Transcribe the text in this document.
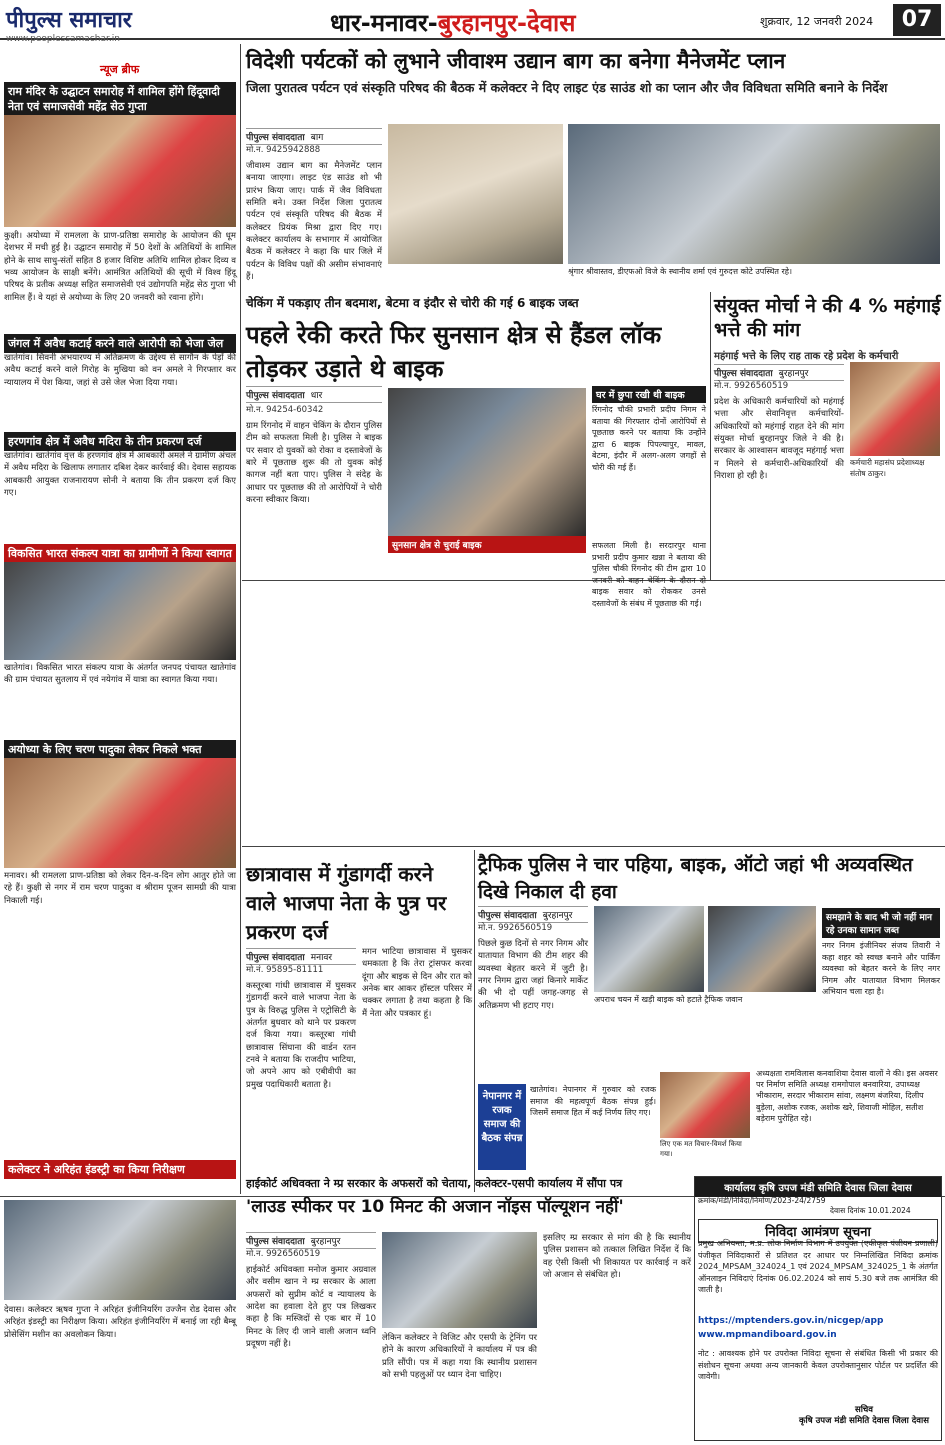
पीपुल्स समाचार
www.peoplessamachar.in
धार-मनावर-बुरहानपुर-देवास	शुक्रवार, 12 जनवरी 2024	07
न्यूज ब्रीफ
राम मंदिर के उद्घाटन समारोह में शामिल होंगे हिंदूवादी नेता एवं समाजसेवी महेंद्र सेठ गुप्ता
कुक्षी। अयोध्या में रामलला के प्राण-प्रतिष्ठा समारोह के आयोजन की धूम देशभर में मची हुई है। उद्घाटन समारोह में 50 देशों के अतिथियों के शामिल होने के साथ साधु-संतों सहित 8 हजार विशिष्ट अतिथि शामिल होकर दिव्य व भव्य आयोजन के साक्षी बनेंगे। आमंत्रित अतिथियों की सूची में विश्व हिंदू परिषद के प्रतीक अध्यक्ष सहित समाजसेवी एवं उद्योगपति महेंद्र सेठ गुप्ता भी शामिल हैं। वे यहां से अयोध्या के लिए 20 जनवरी को रवाना होंगे।
जंगल में अवैध कटाई करने वाले आरोपी को भेजा जेल
खातेगांव। सिवनी अभयारण्य में अतिक्रमण के उद्देश्य से सागौन के पेड़ों की अवैध कटाई करने वाले गिरोह के मुखिया को वन अमले ने गिरफ्तार कर न्यायालय में पेश किया, जहां से उसे जेल भेजा दिया गया।
हरणगांव क्षेत्र में अवैध मदिरा के तीन प्रकरण दर्ज
खातेगांव। खातेगांव वृत्त के हरणगांव क्षेत्र में आबकारी अमले ने ग्रामीण अंचल में अवैध मदिरा के खिलाफ लगातार दबिश देकर कार्रवाई की। देवास सहायक आबकारी आयुक्त राजनारायण सोनी ने बताया कि तीन प्रकरण दर्ज किए गए।
विकसित भारत संकल्प यात्रा का ग्रामीणों ने किया स्वागत
खातेगांव। विकसित भारत संकल्प यात्रा के अंतर्गत जनपद पंचायत खातेगांव की ग्राम पंचायत सुतलाय में एवं नयेगांव में यात्रा का स्वागत किया गया।
अयोध्या के लिए चरण पादुका लेकर निकले भक्त
मनावर। श्री रामलला प्राण-प्रतिष्ठा को लेकर दिन-व-दिन लोग आतुर होते जा रहे हैं। कुक्षी से नगर में राम चरण पादुका व श्रीराम पूजन सामग्री की यात्रा निकाली गई।
कलेक्टर ने अरिहंत इंडस्ट्री का किया निरीक्षण
देवास। कलेक्टर ऋषव गुप्ता ने अरिहंत इंजीनियरिंग उज्जैन रोड देवास और अरिहंत इंडस्ट्री का निरीक्षण किया। अरिहंत इंजीनियरिंग में बनाई जा रही बैम्बू प्रोसेसिंग मशीन का अवलोकन किया।
विदेशी पर्यटकों को लुभाने जीवाश्म उद्यान बाग का बनेगा मैनेजमेंट प्लान
जिला पुरातत्व पर्यटन एवं संस्कृति परिषद की बैठक में कलेक्टर ने दिए लाइट एंड साउंड शो का प्लान और जैव विविधता समिति बनाने के निर्देश
पीपुल्स संवाददाता बाग
मो.न. 9425942888
जीवाश्म उद्यान बाग का मैनेजमेंट प्लान बनाया जाएगा। लाइट एंड साउंड शो भी प्रारंभ किया जाए। पार्क में जैव विविधता समिति बने। उक्त निर्देश जिला पुरातत्व पर्यटन एवं संस्कृति परिषद की बैठक में कलेक्टर प्रियंक मिश्रा द्वारा दिए गए। कलेक्टर कार्यालय के सभागार में आयोजित बैठक में कलेक्टर ने कहा कि धार जिले में पर्यटन के विविध पक्षों की असीम संभावनाएं हैं।
श्रृंगार श्रीवास्तव, डीएफओ विजे के स्थानीय शर्मा एवं गुरुदत्त कोटे उपस्थित रहे।
चेकिंग में पकड़ाए तीन बदमाश, बेटमा व इंदौर से चोरी की गई 6 बाइक जब्त
पहले रेकी करते फिर सुनसान क्षेत्र से हैंडल लॉक तोड़कर उड़ाते थे बाइक
पीपुल्स संवाददाता धार
मो.न. 94254-60342
ग्राम रिंगनोद में वाहन चेकिंग के दौरान पुलिस टीम को सफलता मिली है। पुलिस ने बाइक पर सवार दो युवकों को रोका व दस्तावेजों के बारे में पूछताछ शुरू की तो युवक कोई कागज नहीं बता पाए। पुलिस ने संदेह के आधार पर पूछताछ की तो आरोपियों ने चोरी करना स्वीकार किया।
सुनसान क्षेत्र से चुराई बाइक
घर में छुपा रखी थी बाइक
रिंगनोद चौकी प्रभारी प्रदीप निगम ने बताया की गिरफ्तार दोनों आरोपियों से पूछताछ करने पर बताया कि उन्होंने द्वारा 6 बाइक पिपल्यापुर, मावल, बेटमा, इंदौर में अलग-अलग जगहों से चोरी की गई हैं।
सफलता मिली है। सरदारपुर थाना प्रभारी प्रदीप कुमार खन्ना ने बताया की पुलिस चौकी रिंगनोद की टीम द्वारा 10 जनवरी को वाहन चेकिंग के दौरान दो बाइक सवार को रोककर उनसे दस्तावेजों के संबंध में पूछताछ की गई।
संयुक्त मोर्चा ने की 4 % महंगाई भत्ते की मांग
महंगाई भत्ते के लिए राह ताक रहे प्रदेश के कर्मचारी
पीपुल्स संवाददाता बुरहानपुर
मो.न. 9926560519
कर्मचारी महासंघ प्रदेशाध्यक्ष संतोष ठाकुर।
प्रदेश के अधिकारी कर्मचारियों को महंगाई भत्ता और सेवानिवृत्त कर्मचारियों-अधिकारियों को महंगाई राहत देने की मांग संयुक्त मोर्चा बुरहानपुर जिले ने की है। सरकार के आश्वासन बावजूद महंगाई भत्ता न मिलने से कर्मचारी-अधिकारियों की निराशा हो रही है।
छात्रावास में गुंडागर्दी करने वाले भाजपा नेता के पुत्र पर प्रकरण दर्ज
पीपुल्स संवाददाता मनावर
मो.नं. 95895-81111
कस्तूरबा गांधी छात्रावास में घुसकर गुंडागर्दी करने वाले भाजपा नेता के पुत्र के विरुद्ध पुलिस ने एट्रोसिटी के अंतर्गत बुधवार को थाने पर प्रकरण दर्ज किया गया। कस्तूरबा गांधी छात्रावास सिंघाना की वार्डन रतन टनवे ने बताया कि राजदीप भाटिया, जो अपने आप को एबीवीपी का प्रमुख पदाधिकारी बताता है।
मगन भाटिया छात्रावास में घुसकर धमकाता है कि तेरा ट्रांसफर करवा दूंगा और बाइक से दिन और रात को अनेक बार आकर हॉस्टल परिसर में चक्कर लगाता है तथा कहता है कि मैं नेता और पत्रकार हूं।
ट्रैफिक पुलिस ने चार पहिया, बाइक, ऑटो जहां भी अव्यवस्थित दिखे निकाल दी हवा
पीपुल्स संवाददाता बुरहानपुर
मो.न. 9926560519
पिछले कुछ दिनों से नगर निगम और यातायात विभाग की टीम शहर की व्यवस्था बेहतर करने में जुटी है। नगर निगम द्वारा जहां किनारे मार्केट की भी दो पहीं जगह-जगह से अतिक्रमण भी हटाए गए।
अपराध चयन में खड़ी बाइक को हटाते ट्रैफिक जवान
समझाने के बाद भी जो नहीं मान रहे उनका सामान जब्त
नगर निगम इंजीनियर संजय तिवारी ने कहा शहर को स्वच्छ बनाने और पार्किंग व्यवस्था को बेहतर करने के लिए नगर निगम और यातायात विभाग मिलकर अभियान चला रहा है।
नेपानगर में रजक समाज की बैठक संपन्न
खातेगांव। नेपानगर में गुरुवार को रजक समाज की महत्वपूर्ण बैठक संपन्न हुई। जिसमें समाज हित में कई निर्णय लिए गए।
लिए एक मत विचार-विमर्श किया गया।
अध्यक्षता रामविलास कनवाशिया देवास वालों ने की। इस अवसर पर निर्माण समिति अध्यक्ष रामगोपाल बनवारिया, उपाध्यक्ष भीकाराम, सरदार भीकाराम सांवा, लक्ष्मण बंजरिया, दिलीप बुड़ेला, अशोक रजक, अशोक खरे, शिवाजी मोहिल, सतीश बड़ेराम पुरोहित रहे।
हाईकोर्ट अधिवक्ता ने म्प्र सरकार के अफसरों को चेताया, कलेक्टर-एसपी कार्यालय में सौंपा पत्र
'लाउड स्पीकर पर 10 मिनट की अजान नॉइस पॉल्यूशन नहीं'
पीपुल्स संवाददाता बुरहानपुर
मो.न. 9926560519
हाईकोर्ट अधिवक्ता मनोज कुमार अग्रवाल और वसीम खान ने म्प्र सरकार के आला अफसरों को सुप्रीम कोर्ट व न्यायालय के आदेश का हवाला देते हुए पत्र लिखकर कहा है कि मस्जिदों से एक बार में 10 मिनट के लिए दी जाने वाली अजान ध्वनि प्रदूषण नहीं है।
लेकिन कलेक्टर ने विजिट और एसपी के ट्रेनिंग पर होने के कारण अधिकारियों ने कार्यालय में पत्र की प्रति सौंपी। पत्र में कहा गया कि स्थानीय प्रशासन को सभी पहलुओं पर ध्यान देना चाहिए।
इसलिए म्प्र सरकार से मांग की है कि स्थानीय पुलिस प्रशासन को तत्काल लिखित निर्देश दें कि वह ऐसी किसी भी शिकायत पर कार्रवाई न करें जो अजान से संबंधित हो।
कार्यालय कृषि उपज मंडी समिति देवास जिला देवास
क्रमांक/मंडी/निविदा/निर्माण/2023-24/2759
देवास दिनांक 10.01.2024
निविदा आमंत्रण सूचना
प्रमुख अभियन्ता, म.प्र. लोक निर्माण विभाग में उपयुक्त (एकीकृत पंजीयन प्रणाली) पंजीकृत निविदाकारों से प्रतिशत दर आधार पर निम्नलिखित निविदा क्रमांक 2024_MPSAM_324024_1 एवं 2024_MPSAM_324025_1 के अंतर्गत ऑनलाइन निविदाएं दिनांक 06.02.2024 को सायं 5.30 बजे तक आमंत्रित की जाती है।
https://mptenders.gov.in/nicgep/app
www.mpmandiboard.gov.in
नोट : आवश्यक होने पर उपरोक्त निविदा सूचना से संबंधित किसी भी प्रकार की संशोधन सूचना अथवा अन्य जानकारी केवल उपरोक्तानुसार पोर्टल पर प्रदर्शित की जावेगी।
सचिव
कृषि उपज मंडी समिति देवास जिला देवास
